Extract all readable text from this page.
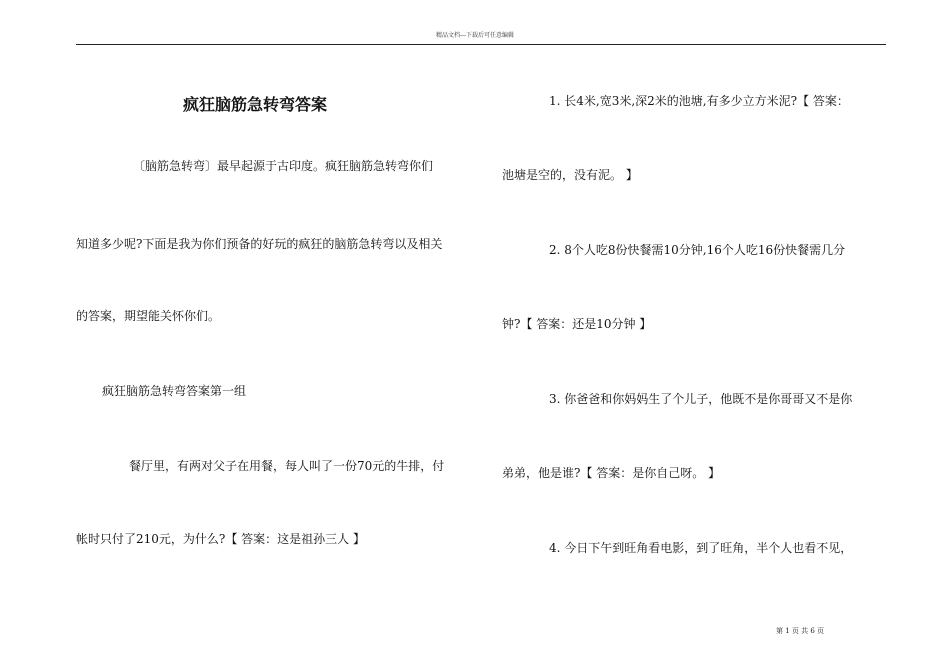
精品文档---下载后可任意编辑
疯狂脑筋急转弯答案
〔脑筋急转弯〕最早起源于古印度。疯狂脑筋急转弯你们
知道多少呢?下面是我为你们预备的好玩的疯狂的脑筋急转弯以及相关
的答案，期望能关怀你们。
疯狂脑筋急转弯答案第一组
餐厅里，有两对父子在用餐，每人叫了一份70元的牛排，付
帐时只付了210元，为什么?【 答案：这是祖孙三人 】
1. 长4米,宽3米,深2米的池塘,有多少立方米泥?【 答案：
池塘是空的，没有泥。 】
2. 8个人吃8份快餐需10分钟,16个人吃16份快餐需几分
钟?【 答案：还是10分钟 】
3. 你爸爸和你妈妈生了个儿子，他既不是你哥哥又不是你
弟弟，他是谁?【 答案：是你自己呀。 】
4. 今日下午到旺角看电影，到了旺角，半个人也看不见，
第 1 页 共 6 页
